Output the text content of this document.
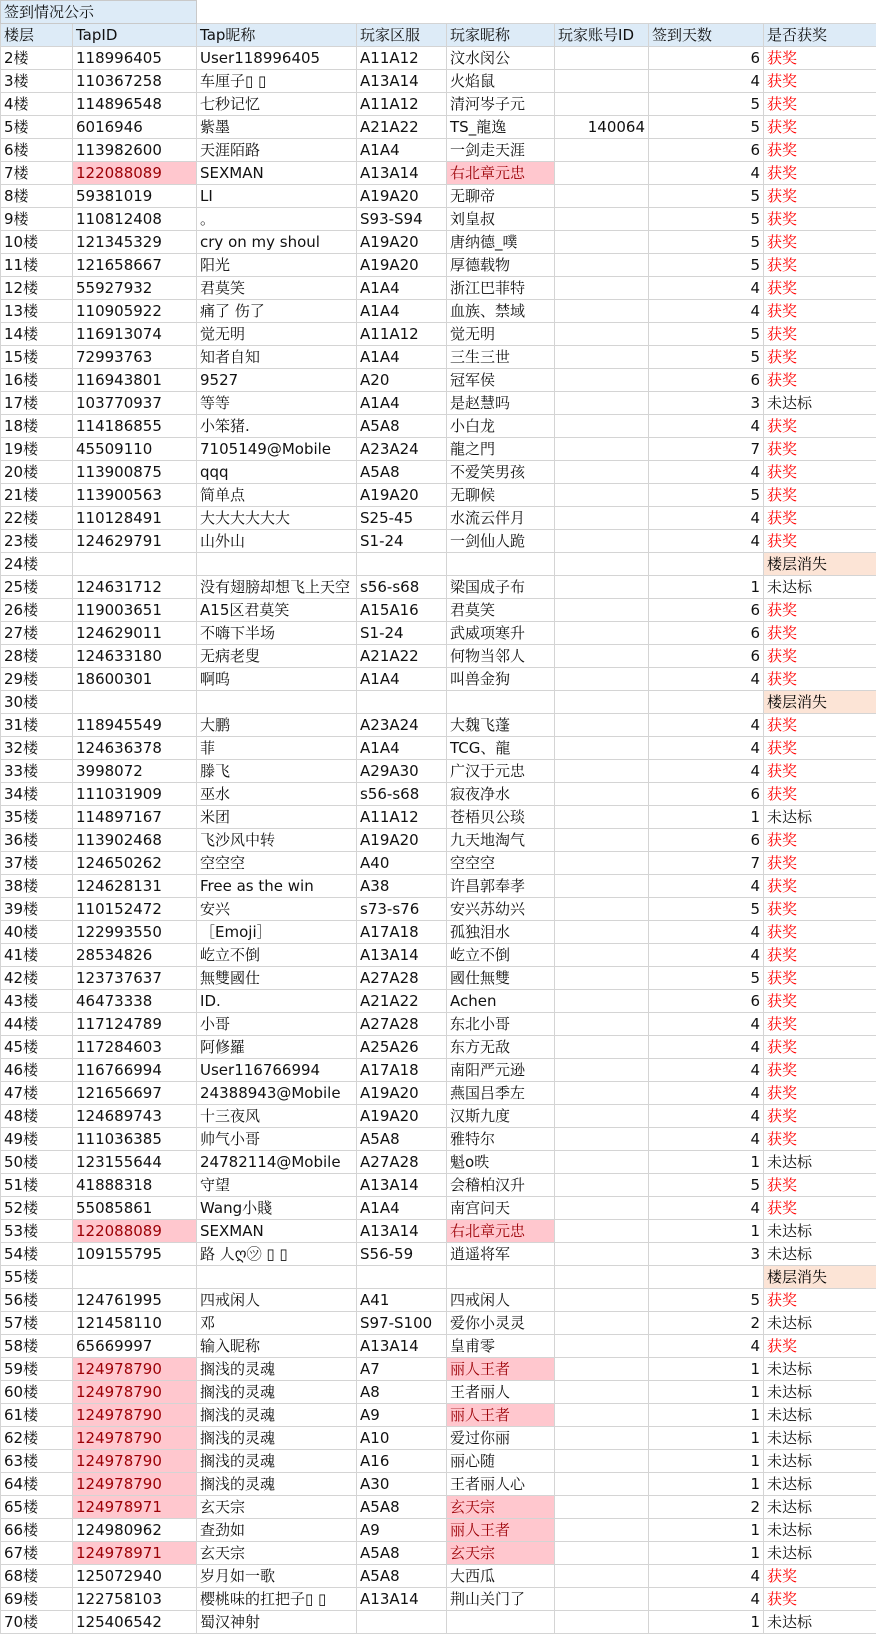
签到情况公示							
楼层	TapID	Tap昵称	玩家区服	玩家昵称	玩家账号ID	签到天数	是否获奖
2楼	118996405	User118996405	A11A12	汶水闵公		6	获奖
3楼	110367258	车厘子▯ ▯	A13A14	火焰鼠		4	获奖
4楼	114896548	七秒记忆	A11A12	清河岑子元		5	获奖
5楼	6016946	紫墨	A21A22	TS_龍逸	140064	5	获奖
6楼	113982600	天涯陌路	A1A4	一剑走天涯		6	获奖
7楼	122088089	SEXMAN	A13A14	右北章元忠		4	获奖
8楼	59381019	LI	A19A20	无聊帝		5	获奖
9楼	110812408	。	S93-S94	刘皇叔		5	获奖
10楼	121345329	cry on my shoul	A19A20	唐纳德_噗		5	获奖
11楼	121658667	阳光	A19A20	厚德载物		5	获奖
12楼	55927932	君莫笑	A1A4	浙江巴菲特		4	获奖
13楼	110905922	痛了 伤了	A1A4	血族、禁域		4	获奖
14楼	116913074	觉无明	A11A12	觉无明		5	获奖
15楼	72993763	知者自知	A1A4	三生三世		5	获奖
16楼	116943801	9527	A20	冠军侯		6	获奖
17楼	103770937	等等	A1A4	是赵慧吗		3	未达标
18楼	114186855	小笨猪.	A5A8	小白龙		4	获奖
19楼	45509110	7105149@Mobile	A23A24	龍之門		7	获奖
20楼	113900875	qqq	A5A8	不爱笑男孩		4	获奖
21楼	113900563	简单点	A19A20	无聊候		5	获奖
22楼	110128491	大大大大大大	S25-45	水流云伴月		4	获奖
23楼	124629791	山外山	S1-24	一剑仙人跪		4	获奖
24楼							楼层消失
25楼	124631712	没有翅膀却想飞上天空	s56-s68	梁国成子布		1	未达标
26楼	119003651	A15区君莫笑	A15A16	君莫笑		6	获奖
27楼	124629011	不嗨下半场	S1-24	武威项寒升		6	获奖
28楼	124633180	无病老叟	A21A22	何物当邻人		6	获奖
29楼	18600301	啊呜	A1A4	叫兽金狗		4	获奖
30楼							楼层消失
31楼	118945549	大鹏	A23A24	大魏飞蓬		4	获奖
32楼	124636378	菲	A1A4	TCG、龍		4	获奖
33楼	3998072	滕飞	A29A30	广汉于元忠		4	获奖
34楼	111031909	巫水	s56-s68	寂夜净水		6	获奖
35楼	114897167	米团	A11A12	苍梧贝公琰		1	未达标
36楼	113902468	飞沙风中转	A19A20	九天地淘气		6	获奖
37楼	124650262	空空空	A40	空空空		7	获奖
38楼	124628131	Free as the win	A38	许昌郭奉孝		4	获奖
39楼	110152472	安兴	s73-s76	安兴苏幼兴		5	获奖
40楼	122993550	［Emoji］	A17A18	孤独泪水		4	获奖
41楼	28534826	屹立不倒	A13A14	屹立不倒		4	获奖
42楼	123737637	無雙國仕	A27A28	國仕無雙		5	获奖
43楼	46473338	ID.	A21A22	Achen		6	获奖
44楼	117124789	小哥	A27A28	东北小哥		4	获奖
45楼	117284603	阿修羅	A25A26	东方无敌		4	获奖
46楼	116766994	User116766994	A17A18	南阳严元逊		4	获奖
47楼	121656697	24388943@Mobile	A19A20	燕国吕季左		4	获奖
48楼	124689743	十三夜风	A19A20	汉斯九度		4	获奖
49楼	111036385	帅气小哥	A5A8	雅特尔		4	获奖
50楼	123155644	24782114@Mobile	A27A28	魁o昳		1	未达标
51楼	41888318	守望	A13A14	会稽柏汉升		5	获奖
52楼	55085861	Wang小賤	A1A4	南宫问天		4	获奖
53楼	122088089	SEXMAN	A13A14	右北章元忠		1	未达标
54楼	109155795	路 人ღ㋡ ▯ ▯	S56-59	逍遥将军		3	未达标
55楼							楼层消失
56楼	124761995	四戒闲人	A41	四戒闲人		5	获奖
57楼	121458110	邓	S97-S100	爱你小灵灵		2	未达标
58楼	65669997	输入昵称	A13A14	皇甫零		4	获奖
59楼	124978790	搁浅的灵魂	A7	丽人王者		1	未达标
60楼	124978790	搁浅的灵魂	A8	王者丽人		1	未达标
61楼	124978790	搁浅的灵魂	A9	丽人王者		1	未达标
62楼	124978790	搁浅的灵魂	A10	爱过你丽		1	未达标
63楼	124978790	搁浅的灵魂	A16	丽心随		1	未达标
64楼	124978790	搁浅的灵魂	A30	王者丽人心		1	未达标
65楼	124978971	玄天宗	A5A8	玄天宗		2	未达标
66楼	124980962	查劲如	A9	丽人王者		1	未达标
67楼	124978971	玄天宗	A5A8	玄天宗		1	未达标
68楼	125072940	岁月如一歌	A5A8	大西瓜		4	获奖
69楼	122758103	樱桃味的扛把子▯ ▯	A13A14	荆山关门了		4	获奖
70楼	125406542	蜀汉神射				1	未达标
